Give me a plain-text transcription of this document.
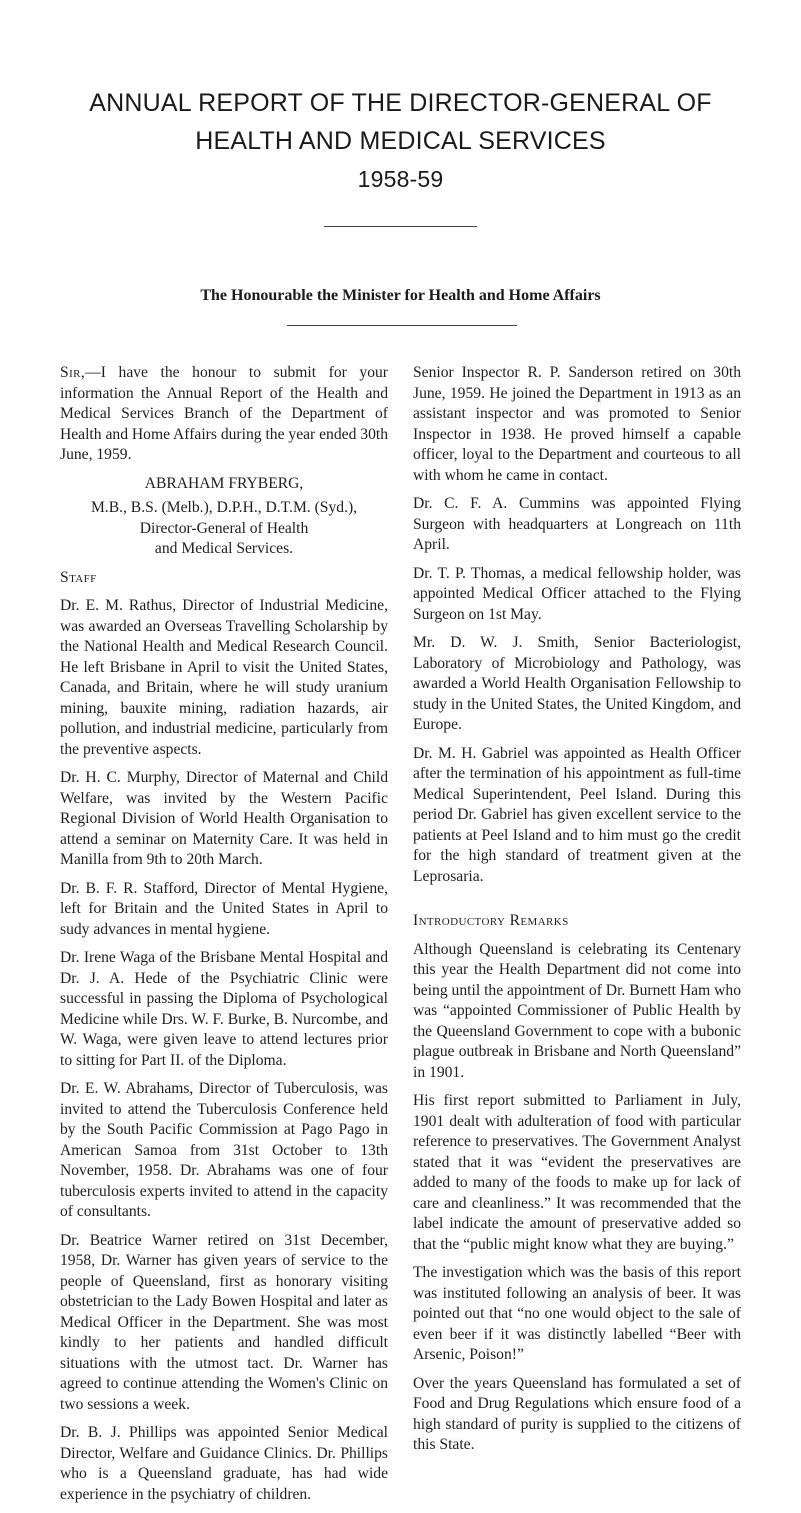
ANNUAL REPORT OF THE DIRECTOR-GENERAL OF
HEALTH AND MEDICAL SERVICES
1958-59
The Honourable the Minister for Health and Home Affairs

Sir,—I have the honour to submit for your information the Annual Report of the Health and Medical Services Branch of the Department of Health and Home Affairs during the year ended 30th June, 1959.

ABRAHAM FRYBERG,
M.B., B.S. (Melb.), D.P.H., D.T.M. (Syd.),
Director-General of Health
and Medical Services.

Staff

Dr. E. M. Rathus, Director of Industrial Medicine, was awarded an Overseas Travelling Scholarship by the National Health and Medical Research Council. He left Brisbane in April to visit the United States, Canada, and Britain, where he will study uranium mining, bauxite mining, radiation hazards, air pollution, and industrial medicine, particularly from the preventive aspects.

Dr. H. C. Murphy, Director of Maternal and Child Welfare, was invited by the Western Pacific Regional Division of World Health Organisation to attend a seminar on Maternity Care. It was held in Manilla from 9th to 20th March.

Dr. B. F. R. Stafford, Director of Mental Hygiene, left for Britain and the United States in April to sudy advances in mental hygiene.

Dr. Irene Waga of the Brisbane Mental Hospital and Dr. J. A. Hede of the Psychiatric Clinic were successful in passing the Diploma of Psychological Medicine while Drs. W. F. Burke, B. Nurcombe, and W. Waga, were given leave to attend lectures prior to sitting for Part II. of the Diploma.

Dr. E. W. Abrahams, Director of Tuberculosis, was invited to attend the Tuberculosis Conference held by the South Pacific Commission at Pago Pago in American Samoa from 31st October to 13th November, 1958. Dr. Abrahams was one of four tuberculosis experts invited to attend in the capacity of consultants.

Dr. Beatrice Warner retired on 31st December, 1958, Dr. Warner has given years of service to the people of Queensland, first as honorary visiting obstetrician to the Lady Bowen Hospital and later as Medical Officer in the Department. She was most kindly to her patients and handled difficult situations with the utmost tact. Dr. Warner has agreed to continue attending the Women's Clinic on two sessions a week.

Dr. B. J. Phillips was appointed Senior Medical Director, Welfare and Guidance Clinics. Dr. Phillips who is a Queensland graduate, has had wide experience in the psychiatry of children.

Senior Inspector R. P. Sanderson retired on 30th June, 1959. He joined the Department in 1913 as an assistant inspector and was promoted to Senior Inspector in 1938. He proved himself a capable officer, loyal to the Department and courteous to all with whom he came in contact.

Dr. C. F. A. Cummins was appointed Flying Surgeon with headquarters at Longreach on 11th April.

Dr. T. P. Thomas, a medical fellowship holder, was appointed Medical Officer attached to the Flying Surgeon on 1st May.

Mr. D. W. J. Smith, Senior Bacteriologist, Laboratory of Microbiology and Pathology, was awarded a World Health Organisation Fellowship to study in the United States, the United Kingdom, and Europe.

Dr. M. H. Gabriel was appointed as Health Officer after the termination of his appointment as full-time Medical Superintendent, Peel Island. During this period Dr. Gabriel has given excellent service to the patients at Peel Island and to him must go the credit for the high standard of treatment given at the Leprosaria.

Introductory Remarks

Although Queensland is celebrating its Centenary this year the Health Department did not come into being until the appointment of Dr. Burnett Ham who was “appointed Commissioner of Public Health by the Queensland Government to cope with a bubonic plague outbreak in Brisbane and North Queensland” in 1901.

His first report submitted to Parliament in July, 1901 dealt with adulteration of food with particular reference to preservatives. The Government Analyst stated that it was “evident the preservatives are added to many of the foods to make up for lack of care and cleanliness.” It was recommended that the label indicate the amount of preservative added so that the “public might know what they are buying.”

The investigation which was the basis of this report was instituted following an analysis of beer. It was pointed out that “no one would object to the sale of even beer if it was distinctly labelled “Beer with Arsenic, Poison!”

Over the years Queensland has formulated a set of Food and Drug Regulations which ensure food of a high standard of purity is supplied to the citizens of this State.
